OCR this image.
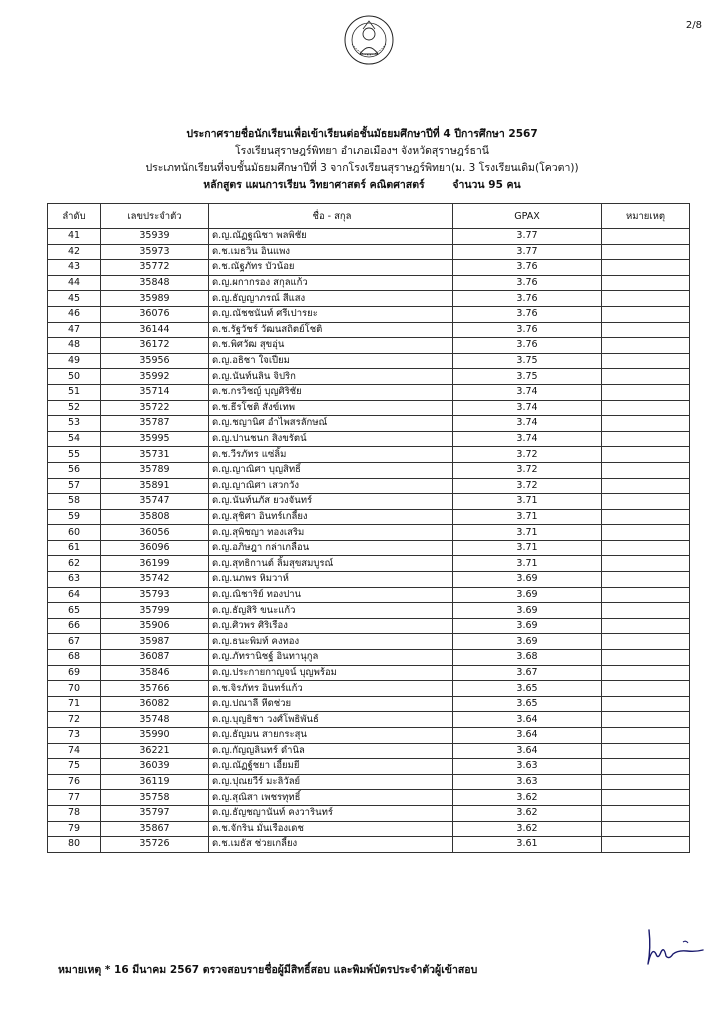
2/8
ประกาศรายชื่อนักเรียนเพื่อเข้าเรียนต่อชั้นมัธยมศึกษาปีที่ 4 ปีการศึกษา 2567
โรงเรียนสุราษฎร์พิทยา อำเภอเมืองฯ จังหวัดสุราษฎร์ธานี
ประเภทนักเรียนที่จบชั้นมัธยมศึกษาปีที่ 3 จากโรงเรียนสุราษฎร์พิทยา(ม. 3 โรงเรียนเดิม(โควตา))
หลักสูตร แผนการเรียน วิทยาศาสตร์ คณิตศาสตร์	จำนวน 95 คน
ลำดับ	เลขประจำตัว	ชื่อ - สกุล	GPAX	หมายเหตุ
41	35939	ด.ญ.ณัฏฐณิชา พลพิชัย	3.77	
42	35973	ด.ช.เมธวิน อินแพง	3.77	
43	35772	ด.ช.ณัฐภัทร บัวน้อย	3.76	
44	35848	ด.ญ.ผกากรอง สกุลแก้ว	3.76	
45	35989	ด.ญ.ธัญญาภรณ์ สีแสง	3.76	
46	36076	ด.ญ.ณัชชนันท์ ศรีเปารยะ	3.76	
47	36144	ด.ช.รัฐวัชร์ วัฒนสถิตย์โชติ	3.76	
48	36172	ด.ช.พิศวัฒ สุขอุ่น	3.76	
49	35956	ด.ญ.อธิชา ใจเปี่ยม	3.75	
50	35992	ด.ญ.นันท์นลิน จิปริก	3.75	
51	35714	ด.ช.กรวิชญ์ บุญศิริชัย	3.74	
52	35722	ด.ช.ธีรโชติ สังข์เทพ	3.74	
53	35787	ด.ญ.ชญานิศ อำไพสรลักษณ์	3.74	
54	35995	ด.ญ.ปานชนก สิงขรัตน์	3.74	
55	35731	ด.ช.วีรภัทร แซ่ลิ้ม	3.72	
56	35789	ด.ญ.ญาณิศา บุญสิทธิ์	3.72	
57	35891	ด.ญ.ญาณิศา เสวกวัง	3.72	
58	35747	ด.ญ.นันท์นภัส ยวงจันทร์	3.71	
59	35808	ด.ญ.สุชิศา อินทร์เกลี้ยง	3.71	
60	36056	ด.ญ.สุพิชญา ทองเสริม	3.71	
61	36096	ด.ญ.อภิษฎา กล่าเกลื่อน	3.71	
62	36199	ด.ญ.สุทธิกานต์ ลิ้มสุขสมบูรณ์	3.71	
63	35742	ด.ญ.นภพร หิมวาห์	3.69	
64	35793	ด.ญ.ณิชาริย์ ทองปาน	3.69	
65	35799	ด.ญ.ธัญสิริ ขนะแก้ว	3.69	
66	35906	ด.ญ.ศิวพร ศิริเรือง	3.69	
67	35987	ด.ญ.ธนะพิมท์ คงทอง	3.69	
68	36087	ด.ญ.ภัทรานิชฐ์ อินทานุกูล	3.68	
69	35846	ด.ญ.ประกายกาญจน์ บุญพร้อม	3.67	
70	35766	ด.ช.จิรภัทร อินทร์แก้ว	3.65	
71	36082	ด.ญ.ปณาลี หีดช่วย	3.65	
72	35748	ด.ญ.บุญธิชา วงศ์โพธิพันธ์	3.64	
73	35990	ด.ญ.ธัญมน สายกระสุน	3.64	
74	36221	ด.ญ.กัญญลินทร์ ดำนิล	3.64	
75	36039	ด.ญ.ณัฏฐ์ชยา เอี้ยมยี	3.63	
76	36119	ด.ญ.ปุณยวีร์ มะลิวัลย์	3.63	
77	35758	ด.ญ.สุณิสา เพชรทุทธิ์	3.62	
78	35797	ด.ญ.ธัญชญานันท์ คงวารินทร์	3.62	
79	35867	ด.ช.จักริน มั่นเรืองเดช	3.62	
80	35726	ด.ช.เมธัส ช่วยเกลี้ยง	3.61	
หมายเหตุ * 16 มีนาคม 2567 ตรวจสอบรายชื่อผู้มีสิทธิ์สอบ และพิมพ์บัตรประจำตัวผู้เข้าสอบ
